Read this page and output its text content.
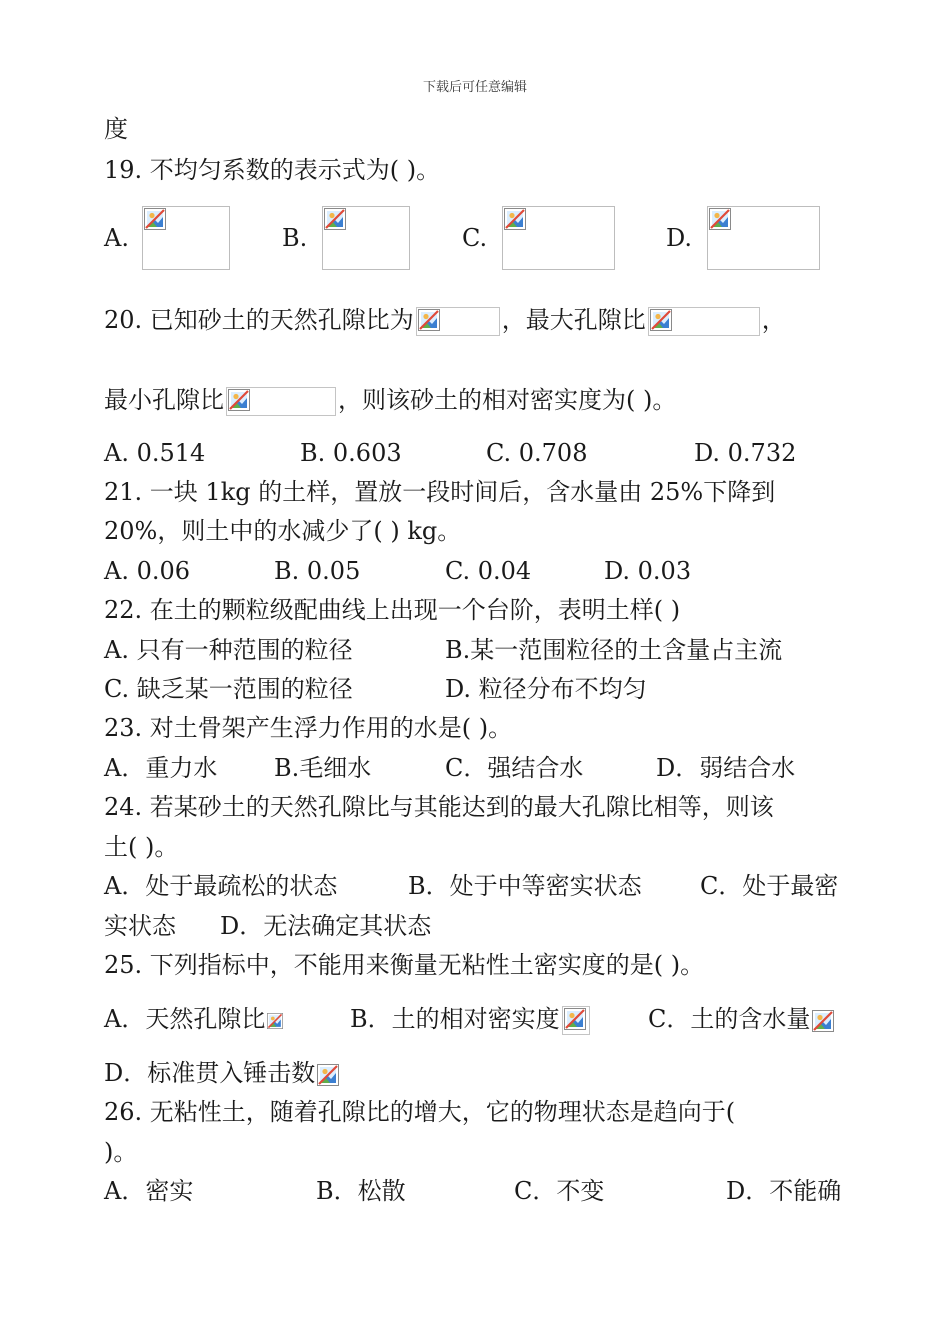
下载后可任意编辑
度
19. 不均匀系数的表示式为( )。
A.	B.	C.	D.
20. 已知砂土的天然孔隙比为	，最大孔隙比	，
最小孔隙比	，则该砂土的相对密实度为( )。
A. 0.514	B. 0.603	C. 0.708	D. 0.732
21. 一块 1kg 的土样，置放一段时间后，含水量由 25%下降到
20%，则土中的水减少了( ) kg。
A. 0.06	B. 0.05	C. 0.04	D. 0.03
22. 在土的颗粒级配曲线上出现一个台阶，表明土样( )
A. 只有一种范围的粒径	B.某一范围粒径的土含量占主流
C. 缺乏某一范围的粒径	D. 粒径分布不均匀
23. 对土骨架产生浮力作用的水是( )。
A．重力水 B.毛细水	C．强结合水	D．弱结合水
24. 若某砂土的天然孔隙比与其能达到的最大孔隙比相等，则该
土( )。
A．处于最疏松的状态	B．处于中等密实状态 C．处于最密
实状态 D．无法确定其状态
25. 下列指标中，不能用来衡量无粘性土密实度的是( )。
A．天然孔隙比	B．土的相对密实度	C．土的含水量
D．标准贯入锤击数
26. 无粘性土，随着孔隙比的增大，它的物理状态是趋向于(
)。
A．密实	B．松散	C．不变	D．不能确
